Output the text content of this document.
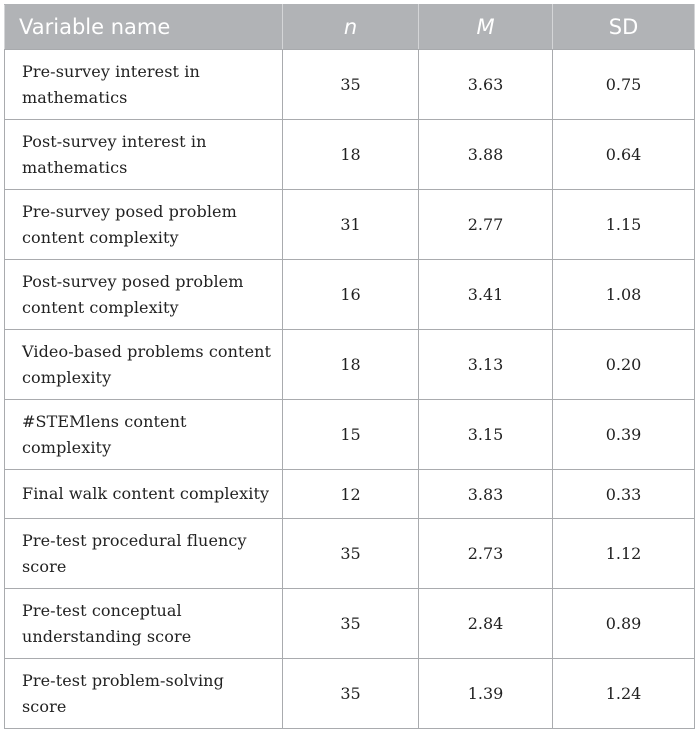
Variable name	n	M	SD
Pre-survey interest in mathematics	35	3.63	0.75
Post-survey interest in mathematics	18	3.88	0.64
Pre-survey posed problem content complexity	31	2.77	1.15
Post-survey posed problem content complexity	16	3.41	1.08
Video-based problems content complexity	18	3.13	0.20
#STEMlens content complexity	15	3.15	0.39
Final walk content complexity	12	3.83	0.33
Pre-test procedural fluency score	35	2.73	1.12
Pre-test conceptual understanding score	35	2.84	0.89
Pre-test problem-solving score	35	1.39	1.24
